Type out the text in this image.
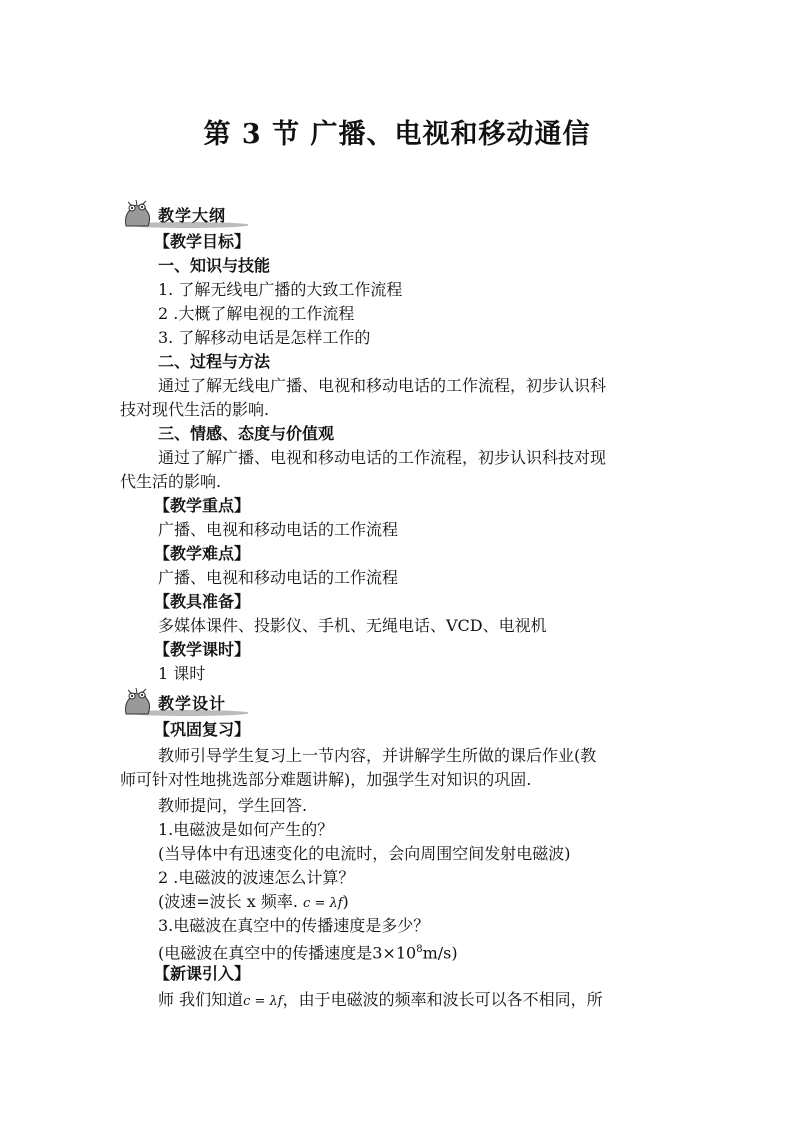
第 3 节 广播、电视和移动通信
教学大纲
【教学目标】
一、知识与技能
1. 了解无线电广播的大致工作流程
2 .大概了解电视的工作流程
3. 了解移动电话是怎样工作的
二、过程与方法
通过了解无线电广播、电视和移动电话的工作流程，初步认识科
技对现代生活的影响.
三、情感、态度与价值观
通过了解广播、电视和移动电话的工作流程，初步认识科技对现
代生活的影响.
【教学重点】
广播、电视和移动电话的工作流程
【教学难点】
广播、电视和移动电话的工作流程
【教具准备】
多媒体课件、投影仪、手机、无绳电话、VCD、电视机
【教学课时】
1 课时
教学设计
【巩固复习】
教师引导学生复习上一节内容，并讲解学生所做的课后作业(教
师可针对性地挑选部分难题讲解)，加强学生对知识的巩固.
教师提问，学生回答.
1.电磁波是如何产生的？
(当导体中有迅速变化的电流时，会向周围空间发射电磁波)
2 .电磁波的波速怎么计算？
(波速=波长 x 频率. c = λf)
3.电磁波在真空中的传播速度是多少？
(电磁波在真空中的传播速度是$3\times 10^8m/s$)
【新课引入】
师 我们知道c = λf，由于电磁波的频率和波长可以各不相同，所
